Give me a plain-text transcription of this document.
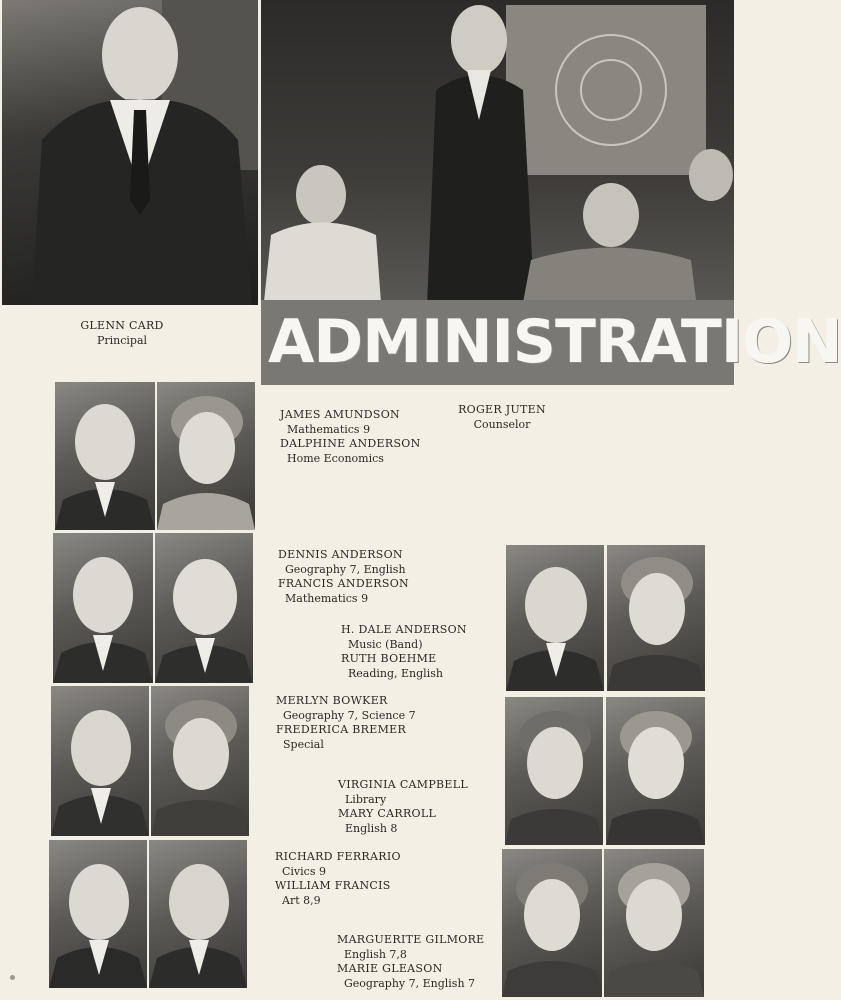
GLENN CARD
Principal	ADMINISTRATION
ROGER JUTEN
Counselor
JAMES AMUNDSON
Mathematics 9
DALPHINE ANDERSON
Home Economics
DENNIS ANDERSON
Geography 7, English
FRANCIS ANDERSON
Mathematics 9
H. DALE ANDERSON
Music (Band)
RUTH BOEHME
Reading, English
MERLYN BOWKER
Geography 7, Science 7
FREDERICA BREMER
Special
VIRGINIA CAMPBELL
Library
MARY CARROLL
English 8
RICHARD FERRARIO
Civics 9
WILLIAM FRANCIS
Art 8,9
MARGUERITE GILMORE
English 7,8
MARIE GLEASON
Geography 7, English 7
